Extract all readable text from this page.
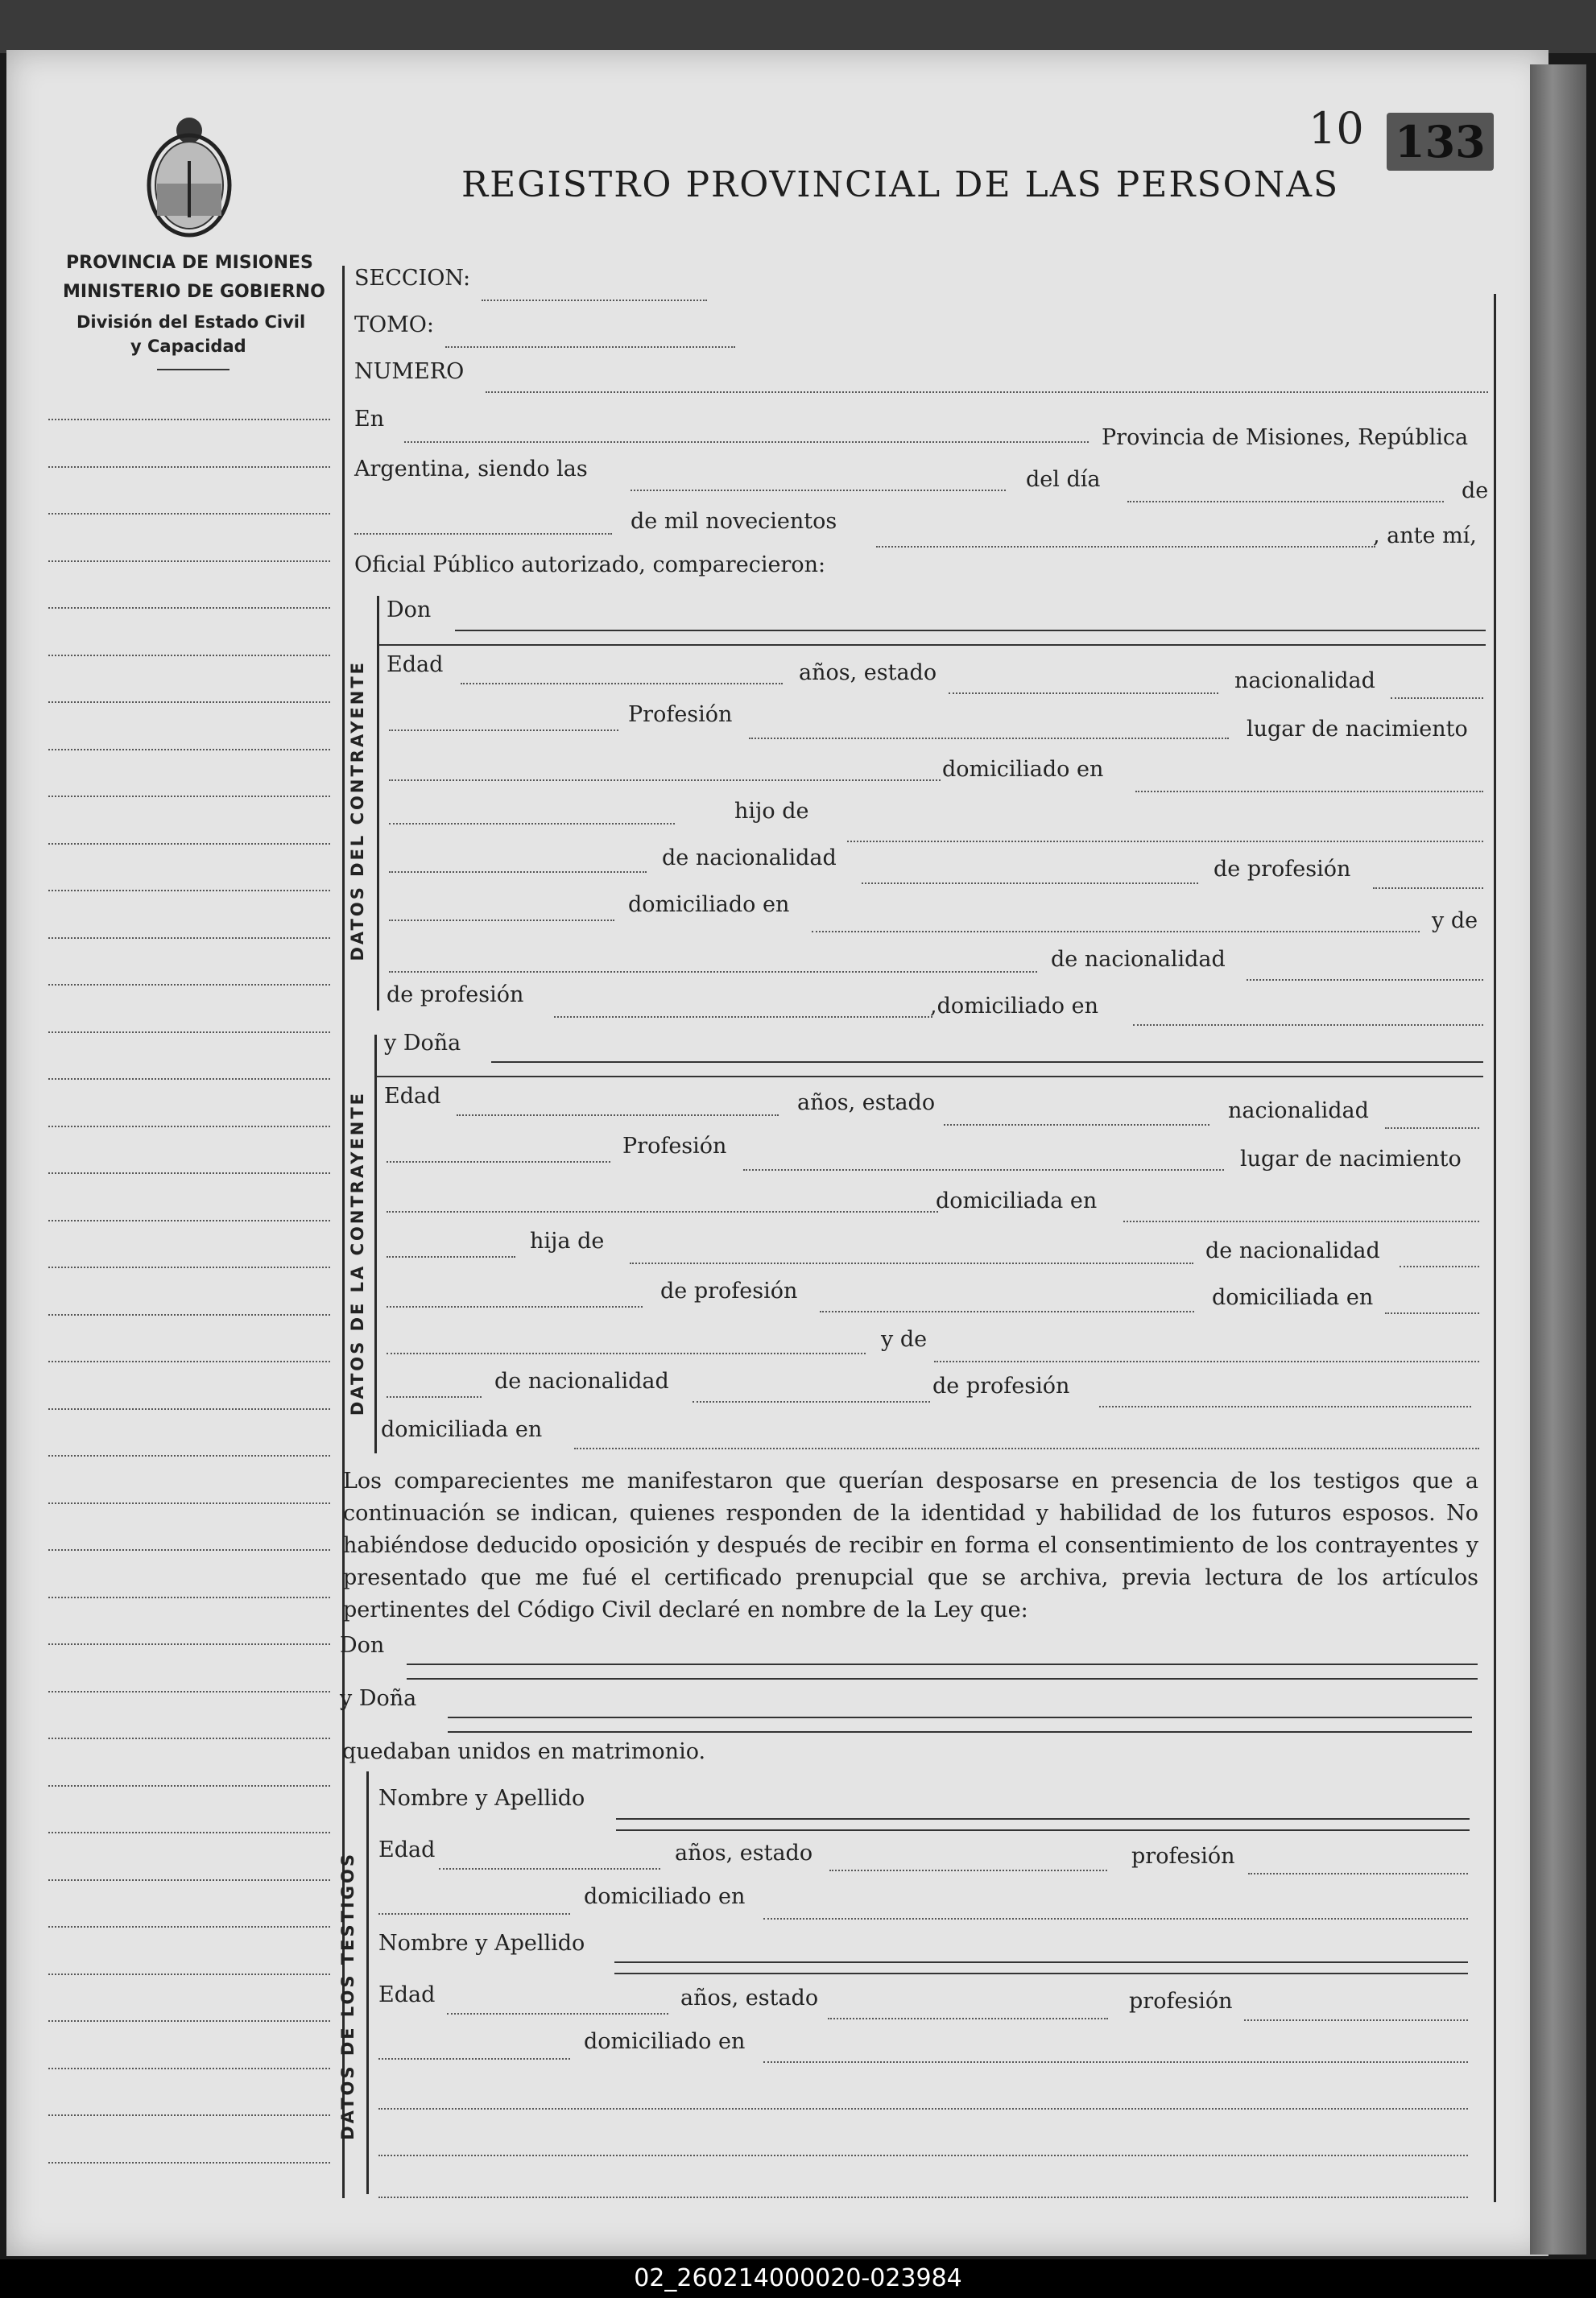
10 133
REGISTRO PROVINCIAL DE LAS PERSONAS
PROVINCIA DE MISIONES
MINISTERIO DE GOBIERNO
División del Estado Civil
y Capacidad
DATOS DEL CONTRAYENTE
DATOS DE LA CONTRAYENTE
DATOS DE LOS TESTIGOS
SECCION:
TOMO:
NUMERO
En
Provincia de Misiones, República
Argentina, siendo las	del día	de
de mil novecientos
, ante mí,
Oficial Público autorizado, comparecieron:
Don
Edad	años, estado	nacionalidad
Profesión
lugar de nacimiento
domiciliado en
hijo de
de nacionalidad	de profesión
domiciliado en
y de
de nacionalidad
de profesión	,domiciliado en
y Doña
Edad	años, estado	nacionalidad
Profesión
lugar de nacimiento
domiciliada en
hija de	de nacionalidad
de profesión	domiciliada en
y de
de nacionalidad	de profesión
domiciliada en
Los comparecientes me manifestaron que querían desposarse en presencia de los testigos que a continuación se indican, quienes responden de la identidad y habilidad de los futuros esposos. No habiéndose deducido oposición y después de recibir en forma el consentimiento de los contrayentes y presentado que me fué el certificado prenupcial que se archiva, previa lectura de los artículos pertinentes del Código Civil declaré en nombre de la Ley que:
Don
y Doña
quedaban unidos en matrimonio.
Nombre y Apellido
Edad	años, estado	profesión
domiciliado en
Nombre y Apellido
Edad	años, estado	profesión
domiciliado en
02_260214000020-023984
